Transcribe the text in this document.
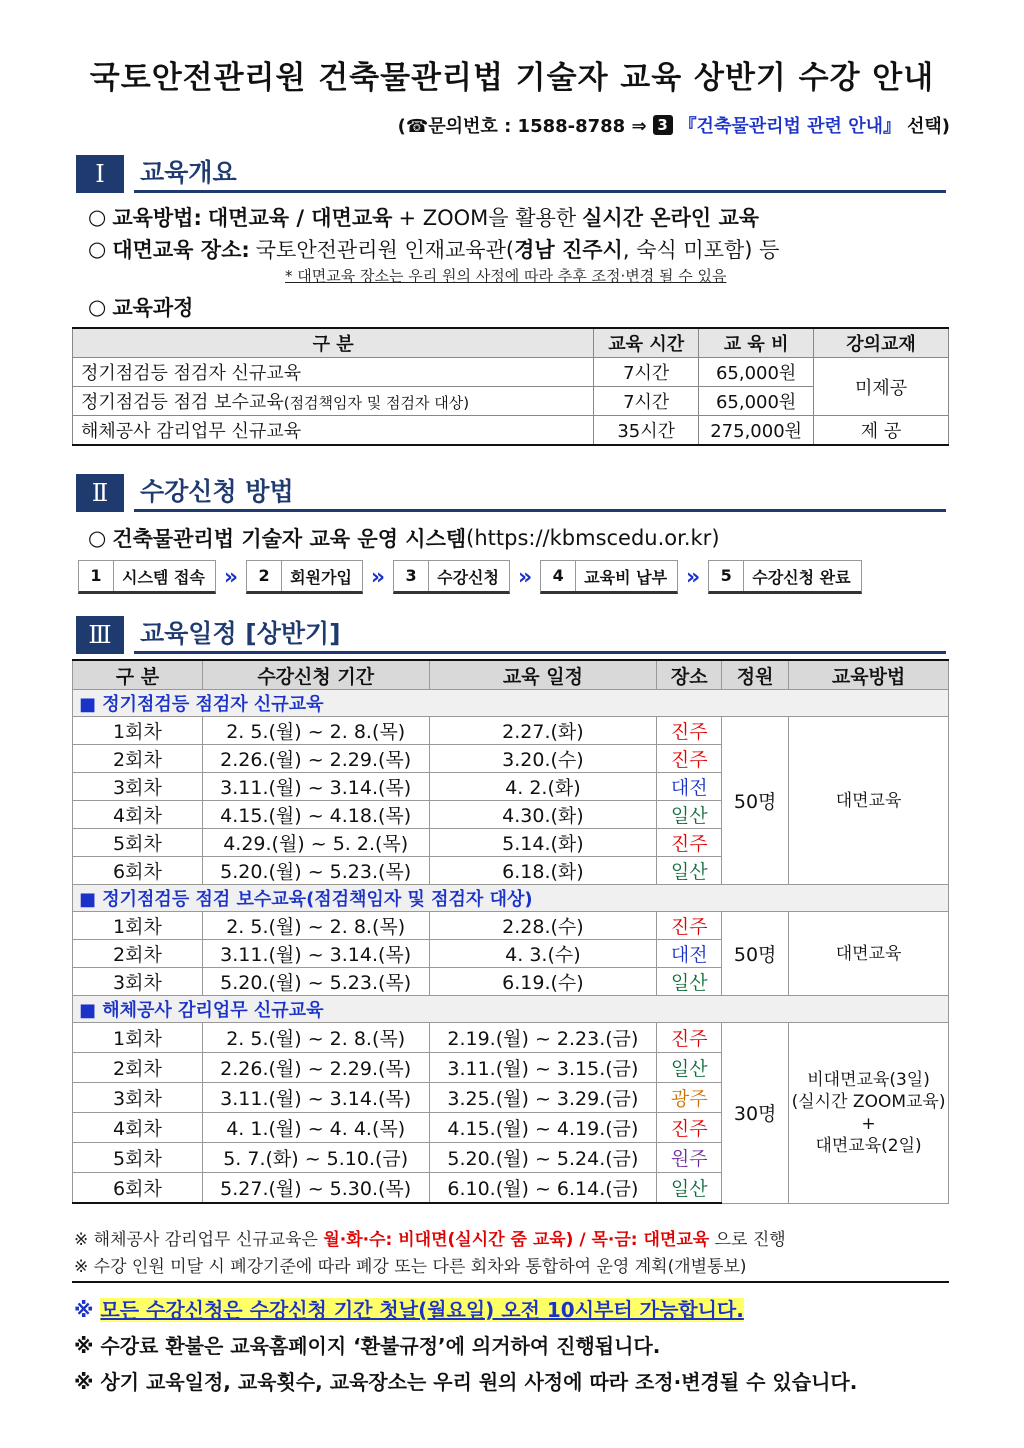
국토안전관리원 건축물관리법 기술자 교육 상반기 수강 안내
(☎문의번호 : 1588-8788 ⇒ 3 『건축물관리법 관련 안내』 선택)
Ⅰ	교육개요
○ 교육방법: 대면교육 / 대면교육 + ZOOM을 활용한 실시간 온라인 교육
○ 대면교육 장소: 국토안전관리원 인재교육관( 경남 진주시 , 숙식 미포함) 등
* 대면교육 장소는 우리 원의 사정에 따라 추후 조정·변경 될 수 있음
○ 교육과정
구 분	교육 시간	교 육 비	강의교재
정기점검등 점검자 신규교육	7시간	65,000원	미제공
정기점검등 점검 보수교육(점검책임자 및 점검자 대상)	7시간	65,000원	
해체공사 감리업무 신규교육	35시간	275,000원	제 공
Ⅱ	수강신청 방법
○ 건축물관리법 기술자 교육 운영 시스템 (https://kbmscedu.or.kr)
1	시스템 접속 »	2	회원가입 »	3	수강신청 »	4	교육비 납부 »	5	수강신청 완료
Ⅲ	교육일정 [상반기]
구 분	수강신청 기간	교육 일정	장소	정원	교육방법
■ 정기점검등 점검자 신규교육					
1회차	2. 5.(월) ~ 2. 8.(목)	2.27.(화)	진주	50명	대면교육
2회차	2.26.(월) ~ 2.29.(목)	3.20.(수)	진주		
3회차	3.11.(월) ~ 3.14.(목)	4. 2.(화)	대전		
4회차	4.15.(월) ~ 4.18.(목)	4.30.(화)	일산		
5회차	4.29.(월) ~ 5. 2.(목)	5.14.(화)	진주		
6회차	5.20.(월) ~ 5.23.(목)	6.18.(화)	일산		
■ 정기점검등 점검 보수교육(점검책임자 및 점검자 대상)					
1회차	2. 5.(월) ~ 2. 8.(목)	2.28.(수)	진주	50명	대면교육
2회차	3.11.(월) ~ 3.14.(목)	4. 3.(수)	대전		
3회차	5.20.(월) ~ 5.23.(목)	6.19.(수)	일산		
■ 해체공사 감리업무 신규교육					
1회차	2. 5.(월) ~ 2. 8.(목)	2.19.(월) ~ 2.23.(금)	진주	30명	비대면교육(3일)
(실시간 ZOOM교육)
+
대면교육(2일)

2회차	2.26.(월) ~ 2.29.(목)	3.11.(월) ~ 3.15.(금)	일산		
3회차	3.11.(월) ~ 3.14.(목)	3.25.(월) ~ 3.29.(금)	광주		
4회차	4. 1.(월) ~ 4. 4.(목)	4.15.(월) ~ 4.19.(금)	진주		
5회차	5. 7.(화) ~ 5.10.(금)	5.20.(월) ~ 5.24.(금)	원주		
6회차	5.27.(월) ~ 5.30.(목)	6.10.(월) ~ 6.14.(금)	일산		
※ 해체공사 감리업무 신규교육은 월·화·수: 비대면(실시간 줌 교육) / 목·금: 대면교육 으로 진행
※ 수강 인원 미달 시 폐강기준에 따라 폐강 또는 다른 회차와 통합하여 운영 계획(개별통보)
※ 모든 수강신청은 수강신청 기간 첫날(월요일) 오전 10시부터 가능합니다.
※ 수강료 환불은 교육홈페이지 ‘환불규정’에 의거하여 진행됩니다.
※ 상기 교육일정, 교육횟수, 교육장소는 우리 원의 사정에 따라 조정·변경될 수 있습니다.
